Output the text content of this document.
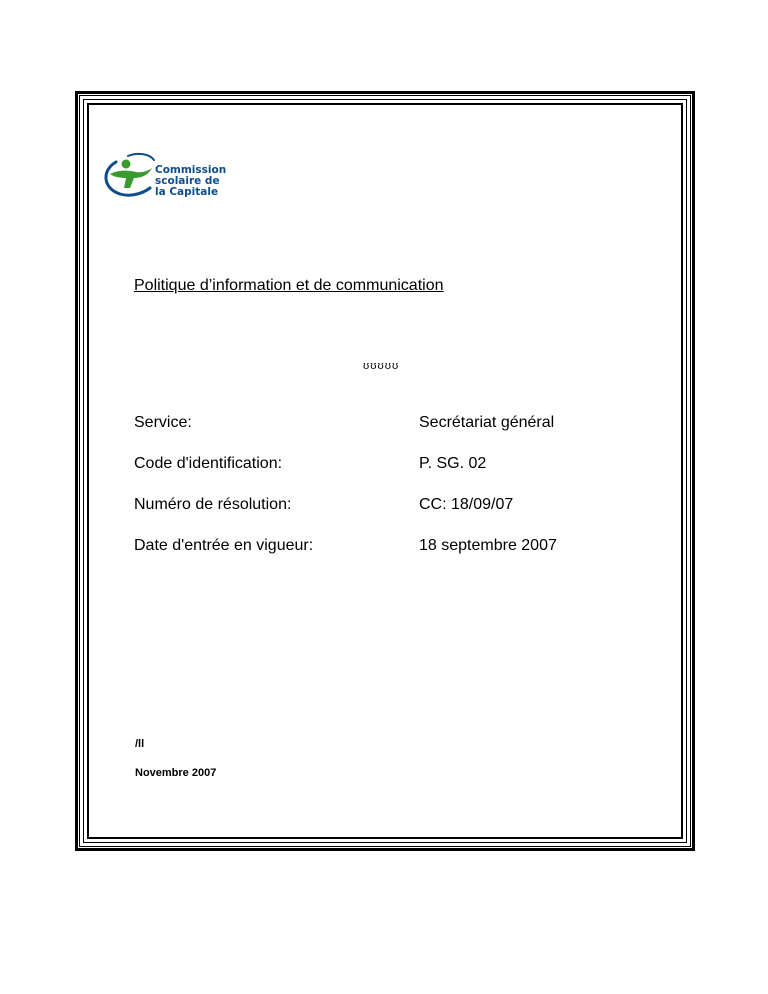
Commission
scolaire de
la Capitale
Politique d’information et de communication
ʊʊʊʊʊ
Service:	Secrétariat général
Code d'identification:	P. SG. 02
Numéro de résolution:	CC: 18/09/07
Date d'entrée en vigueur:	18 septembre 2007
/ll
Novembre 2007
